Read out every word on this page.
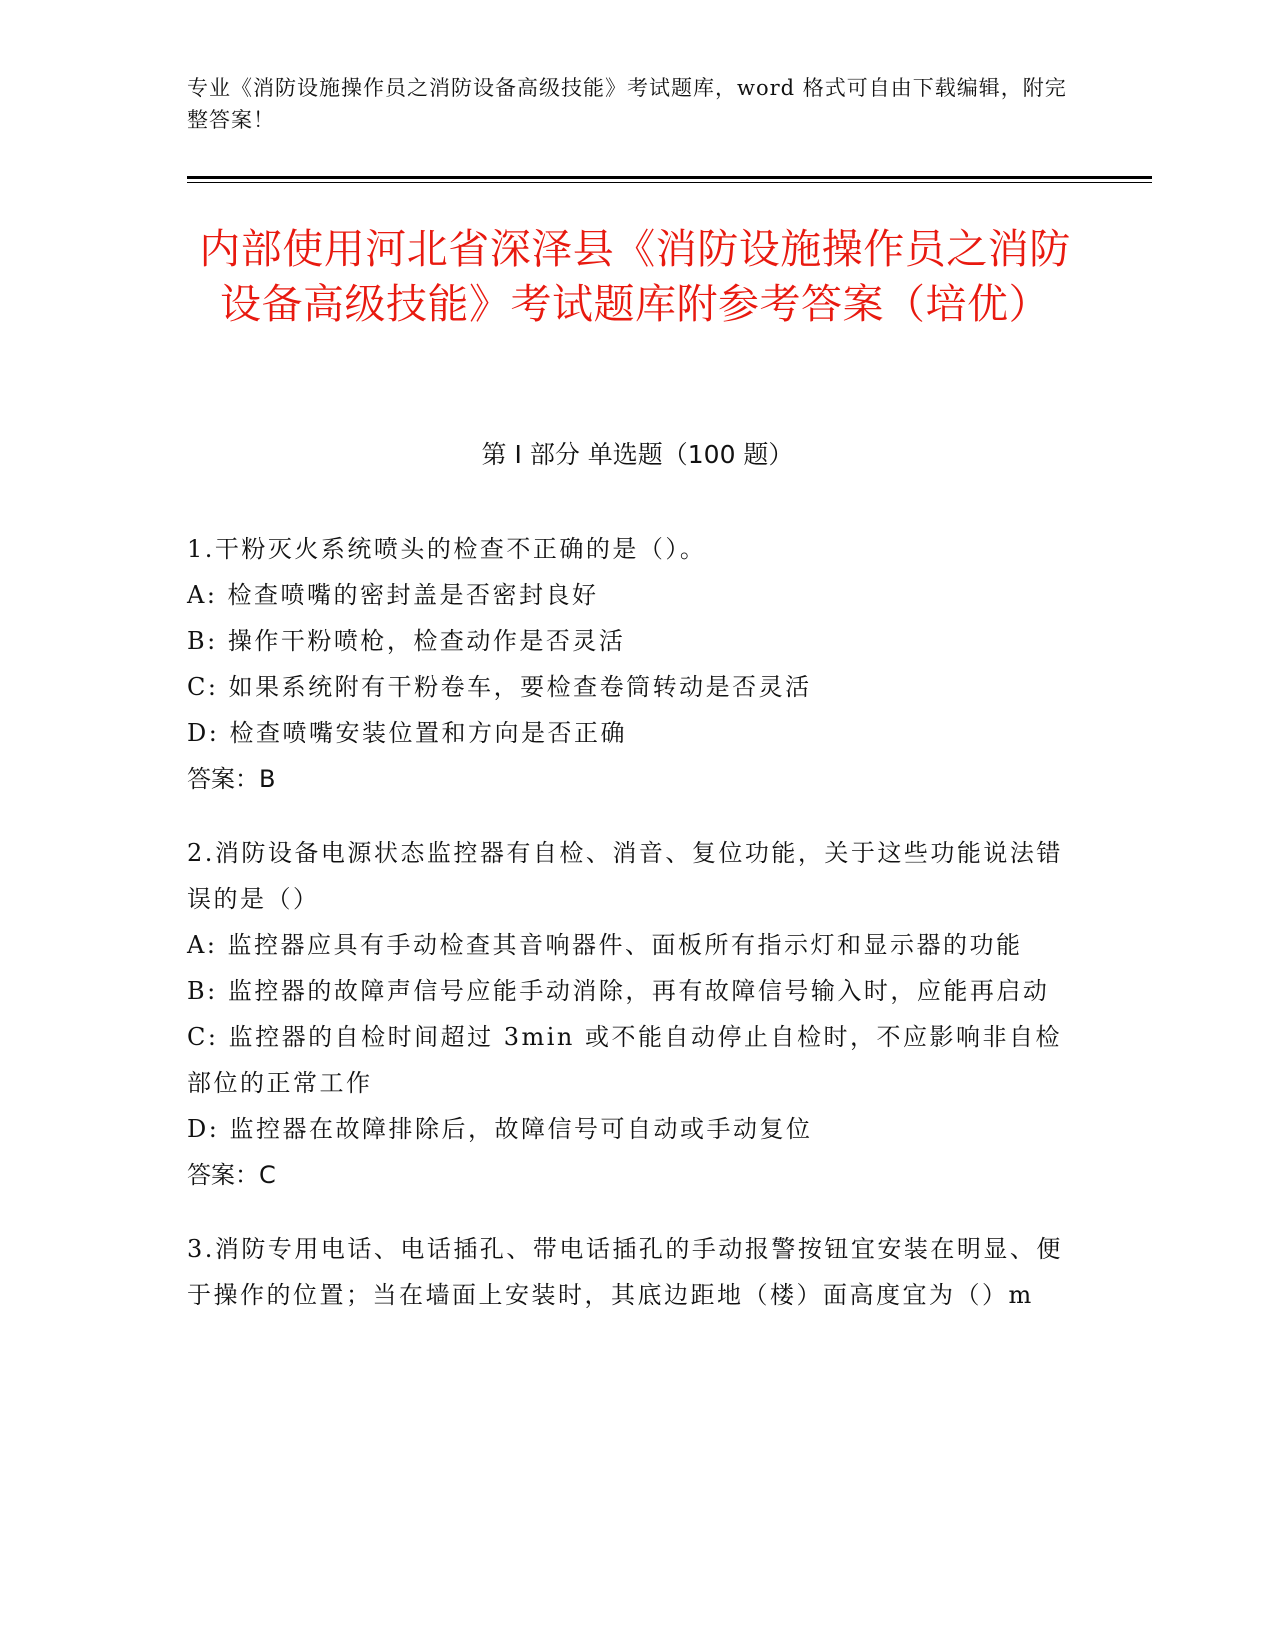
专业《消防设施操作员之消防设备高级技能》考试题库，word 格式可自由下载编辑，附完整答案！
内部使用河北省深泽县《消防设施操作员之消防设备高级技能》考试题库附参考答案（培优）
第 I 部分 单选题（100 题）
1.干粉灭火系统喷头的检查不正确的是（）。
A: 检查喷嘴的密封盖是否密封良好
B: 操作干粉喷枪，检查动作是否灵活
C: 如果系统附有干粉卷车，要检查卷筒转动是否灵活
D: 检查喷嘴安装位置和方向是否正确
答案：B
2.消防设备电源状态监控器有自检、消音、复位功能，关于这些功能说法错误的是（）
A: 监控器应具有手动检查其音响器件、面板所有指示灯和显示器的功能
B: 监控器的故障声信号应能手动消除，再有故障信号输入时，应能再启动
C: 监控器的自检时间超过 3min 或不能自动停止自检时，不应影响非自检部位的正常工作
D: 监控器在故障排除后，故障信号可自动或手动复位
答案：C
3.消防专用电话、电话插孔、带电话插孔的手动报警按钮宜安装在明显、便于操作的位置；当在墙面上安装时，其底边距地（楼）面高度宜为（）m
